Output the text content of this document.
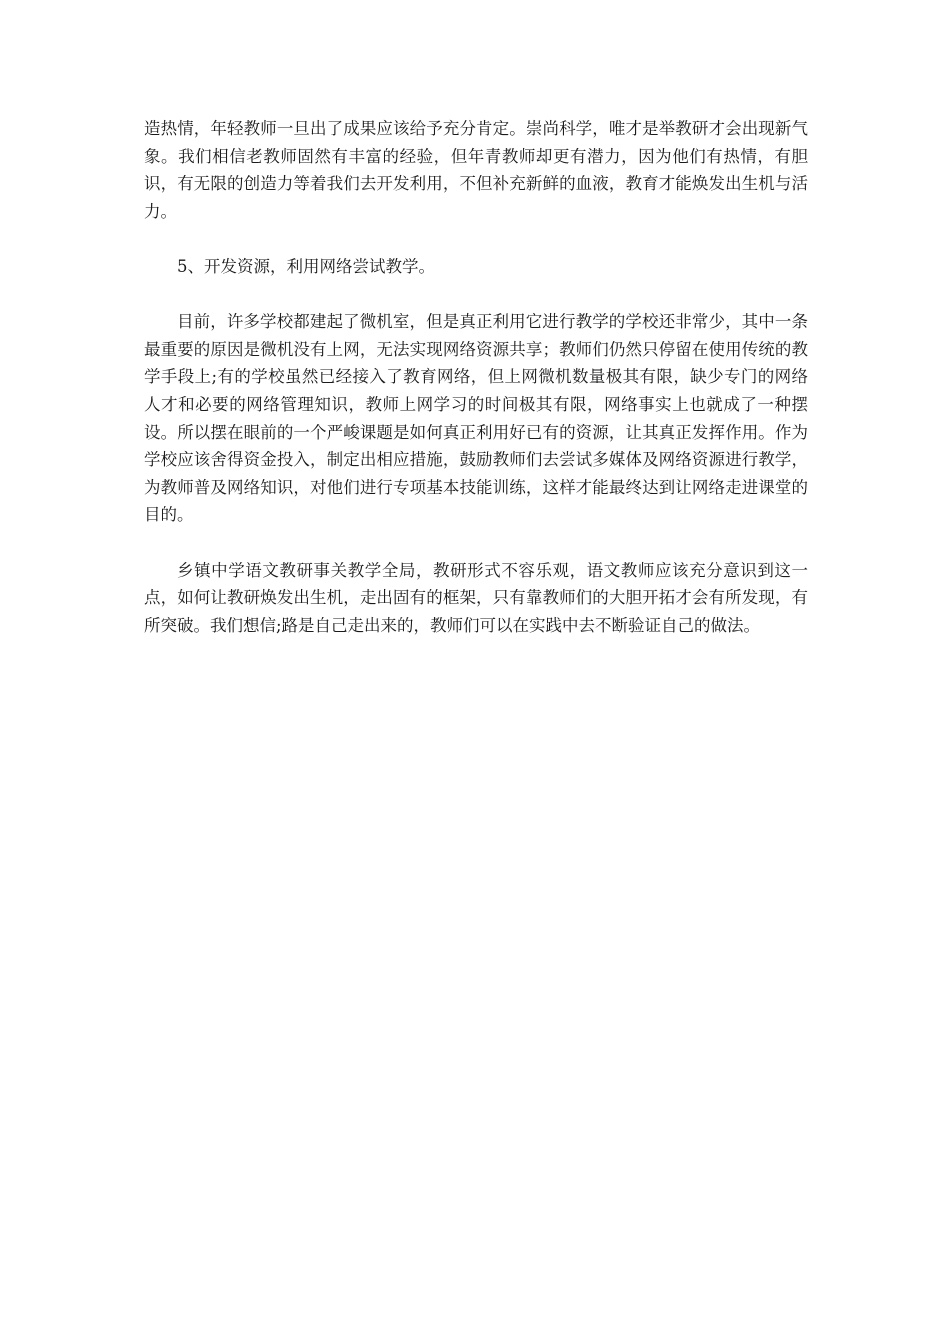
造热情，年轻教师一旦出了成果应该给予充分肯定。崇尚科学，唯才是举教研才会出现新气象。我们相信老教师固然有丰富的经验，但年青教师却更有潜力，因为他们有热情，有胆识，有无限的创造力等着我们去开发利用，不但补充新鲜的血液，教育才能焕发出生机与活力。

5、开发资源，利用网络尝试教学。

目前，许多学校都建起了微机室，但是真正利用它进行教学的学校还非常少，其中一条最重要的原因是微机没有上网，无法实现网络资源共享；教师们仍然只停留在使用传统的教学手段上;有的学校虽然已经接入了教育网络，但上网微机数量极其有限，缺少专门的网络人才和必要的网络管理知识，教师上网学习的时间极其有限，网络事实上也就成了一种摆设。所以摆在眼前的一个严峻课题是如何真正利用好已有的资源，让其真正发挥作用。作为学校应该舍得资金投入，制定出相应措施，鼓励教师们去尝试多媒体及网络资源进行教学，为教师普及网络知识，对他们进行专项基本技能训练，这样才能最终达到让网络走进课堂的目的。

乡镇中学语文教研事关教学全局，教研形式不容乐观，语文教师应该充分意识到这一点，如何让教研焕发出生机，走出固有的框架，只有靠教师们的大胆开拓才会有所发现，有所突破。我们想信;路是自己走出来的，教师们可以在实践中去不断验证自己的做法。
